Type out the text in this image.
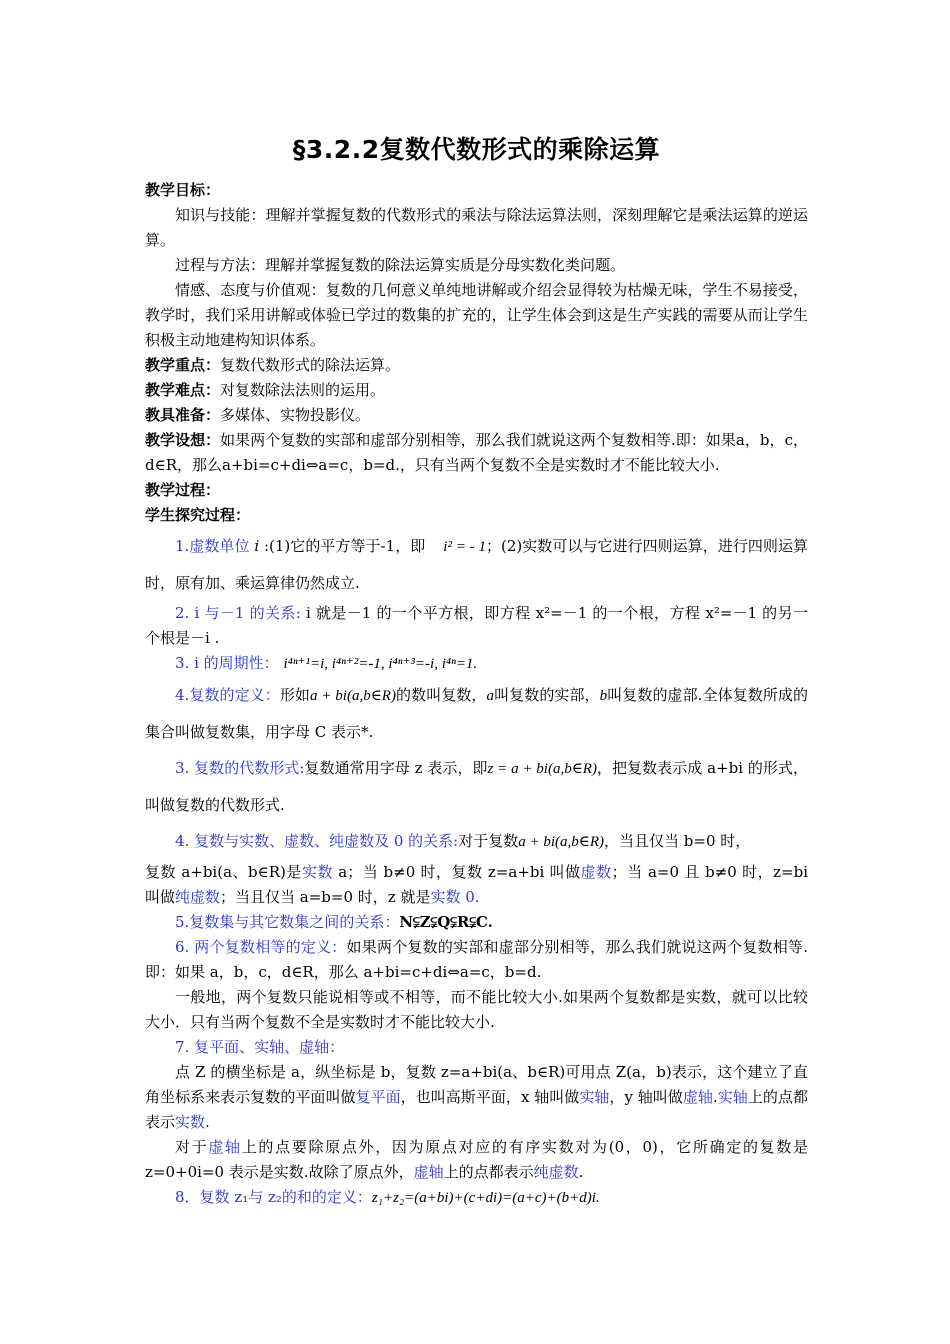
§3.2.2复数代数形式的乘除运算

教学目标：

知识与技能：理解并掌握复数的代数形式的乘法与除法运算法则，深刻理解它是乘法运算的逆运算。

过程与方法：理解并掌握复数的除法运算实质是分母实数化类问题。

情感、态度与价值观：复数的几何意义单纯地讲解或介绍会显得较为枯燥无味，学生不易接受，教学时，我们采用讲解或体验已学过的数集的扩充的，让学生体会到这是生产实践的需要从而让学生积极主动地建构知识体系。

教学重点：复数代数形式的除法运算。

教学难点：对复数除法法则的运用。

教具准备：多媒体、实物投影仪。

教学设想：如果两个复数的实部和虚部分别相等，那么我们就说这两个复数相等.即：如果a，b，c，d∈R，那么a+bi=c+di⇔a=c，b=d.，只有当两个复数不全是实数时才不能比较大小.

教学过程：

学生探究过程：

1.虚数单位 i :(1)它的平方等于-1，即 i² = - 1；(2)实数可以与它进行四则运算，进行四则运算时，原有加、乘运算律仍然成立.

2. i 与－1 的关系: i 就是－1 的一个平方根，即方程 x²=－1 的一个根，方程 x²=－1 的另一个根是－i .

3. i 的周期性： i⁴ⁿ⁺¹=i, i⁴ⁿ⁺²=-1, i⁴ⁿ⁺³=-i, i⁴ⁿ=1.

4.复数的定义：形如a + bi(a,b∈R)的数叫复数，a叫复数的实部，b叫复数的虚部.全体复数所成的集合叫做复数集，用字母 C 表示*.

3. 复数的代数形式:复数通常用字母 z 表示，即z = a + bi(a,b∈R)，把复数表示成 a+bi 的形式，叫做复数的代数形式.

4. 复数与实数、虚数、纯虚数及 0 的关系:对于复数a + bi(a,b∈R)，当且仅当 b=0 时，

复数 a+bi(a、b∈R)是实数 a；当 b≠0 时，复数 z=a+bi 叫做虚数；当 a=0 且 b≠0 时，z=bi 叫做纯虚数；当且仅当 a=b=0 时，z 就是实数 0.

5.复数集与其它数集之间的关系：N⫋Z⫋Q⫋R⫋C.

6. 两个复数相等的定义：如果两个复数的实部和虚部分别相等，那么我们就说这两个复数相等.即：如果 a，b，c，d∈R，那么 a+bi=c+di⇔a=c，b=d.

一般地，两个复数只能说相等或不相等，而不能比较大小.如果两个复数都是实数，就可以比较大小．只有当两个复数不全是实数时才不能比较大小.

7. 复平面、实轴、虚轴：

点 Z 的横坐标是 a，纵坐标是 b，复数 z=a+bi(a、b∈R)可用点 Z(a，b)表示，这个建立了直角坐标系来表示复数的平面叫做复平面，也叫高斯平面，x 轴叫做实轴，y 轴叫做虚轴.实轴上的点都表示实数.

对于虚轴上的点要除原点外，因为原点对应的有序实数对为(0，0)，它所确定的复数是 z=0+0i=0 表示是实数.故除了原点外，虚轴上的点都表示纯虚数.

8．复数 z₁与 z₂的和的定义：z₁+z₂=(a+bi)+(c+di)=(a+c)+(b+d)i.
